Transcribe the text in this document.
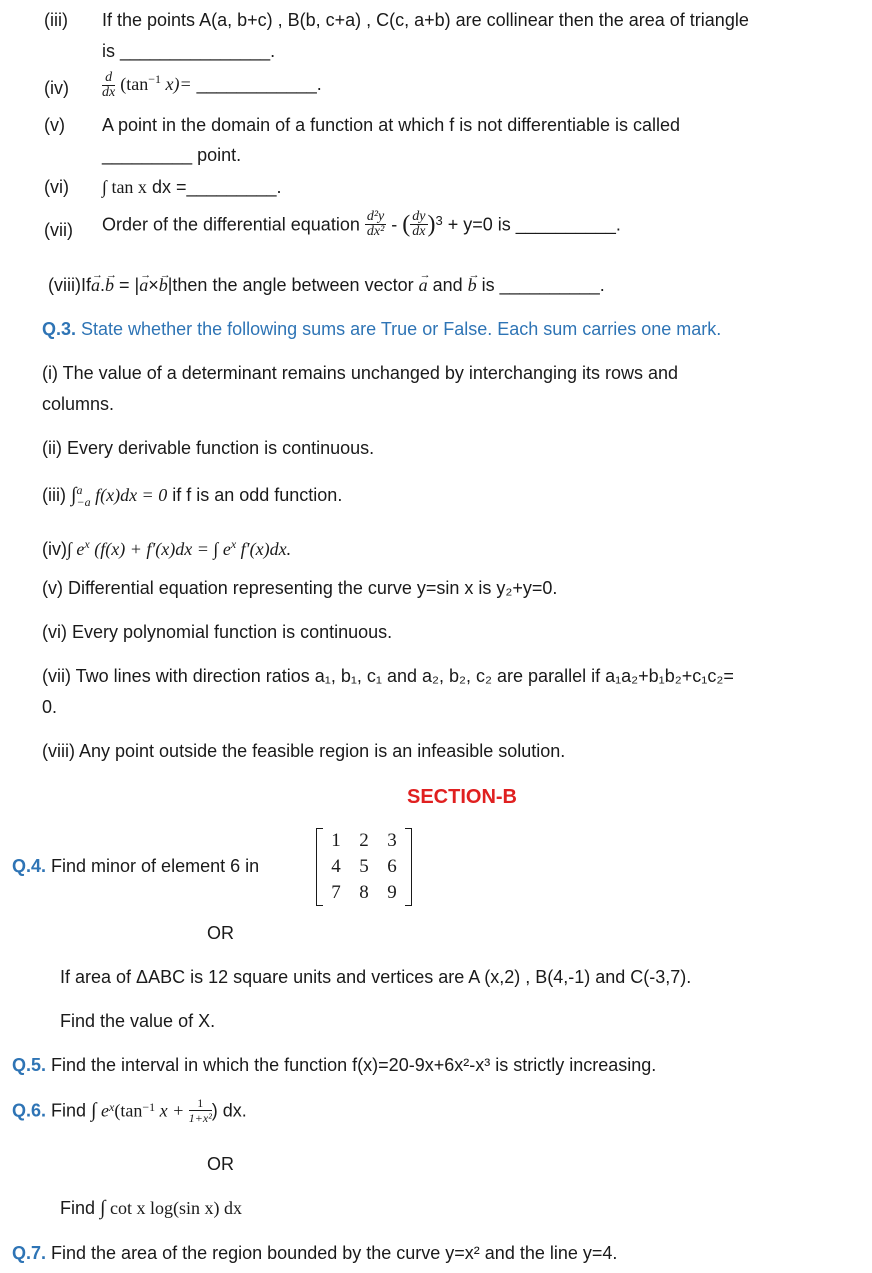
(iii) If the points A(a, b+c) , B(b, c+a) , C(c, a+b) are collinear then the area of triangle
is _______________.
$(iv) \frac{d}{dx} (\tan^{-1}$ x)= ____________.
(v) A point in the domain of a function at which f is not differentiable is called
_________ point.
(vi) ∫ tan x dx =_________.
(vii) Order of the differential equation $\frac{\text{d²y}}{\text{dx²}}$ - ( $\frac{dy}{dx} )^3 + y=0$ is __________.
(viii)If→ a.→ b = |→ a×→ b|then the angle between vector → a and → b is __________.
Q.3. State whether the following sums are True or False. Each sum carries one mark.
(i) The value of a determinant remains unchanged by interchanging its rows and
columns.
(ii) Every derivable function is continuous.
(iii) ∫ a
−a f(x)dx = 0 if f is an odd function.
(iv)∫ $e^x$ (f(x) + f′(x)dx = ∫ $e^x$ f′(x)dx.
(v) Differential equation representing the curve y=sin x is y₂+y=0.
(vi) Every polynomial function is continuous.
(vii) Two lines with direction ratios a₁, b₁, c₁ and a₂, b₂, c₂ are parallel if a₁a₂+b₁b₂+c₁c₂=
0.
(viii) Any point outside the feasible region is an infeasible solution.
SECTION-B
Q.4. Find minor of element 6 in
1 2 3
4 5 6
7 8 9
OR
If area of ΔABC is 12 square units and vertices are A (x,2) , B(4,-1) and C(-3,7).
Find the value of X.
Q.5. Find the interval in which the function f(x)=20-9x+6x²-x³ is strictly increasing.
Q.6. Find ∫ $e^x(\tan^{-1}$ $x + \frac{1}{\text{1+x²}}$ ) dx.
OR
Find ∫ cot x log(sin x) dx
Q.7. Find the area of the region bounded by the curve y=x² and the line y=4.
